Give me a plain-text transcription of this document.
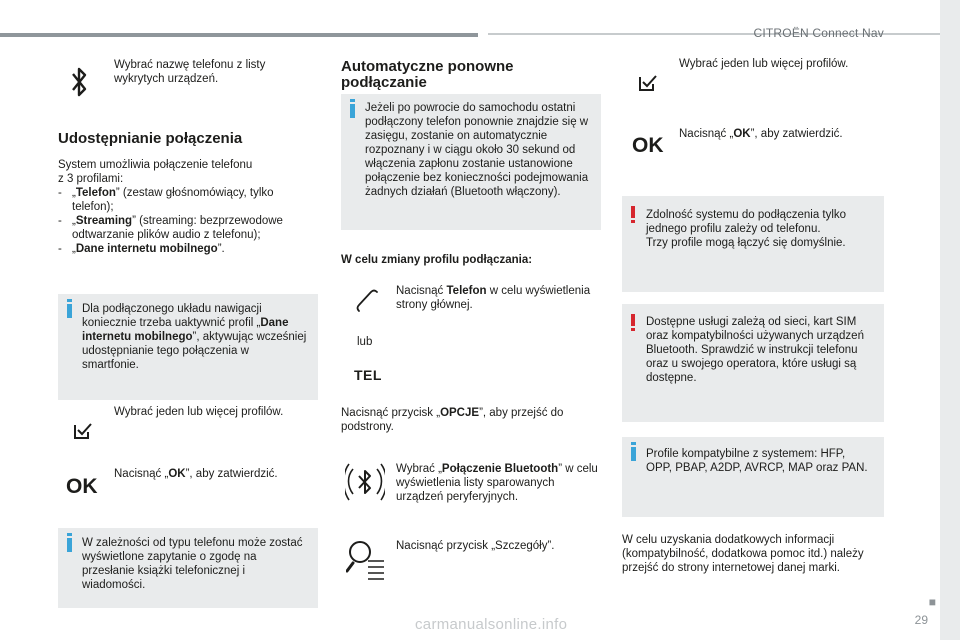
CITROËN Connect Nav
Wybrać nazwę telefonu z listy wykrytych urządzeń.
Udostępnianie połączenia
System umożliwia połączenie telefonu z 3 profilami:
- „Telefon” (zestaw głośnomówiący, tylko telefon);
- „Streaming” (streaming: bezprzewodowe odtwarzanie plików audio z telefonu);
- „Dane internetu mobilnego”.
Dla podłączonego układu nawigacji koniecznie trzeba uaktywnić profil „Dane internetu mobilnego”, aktywując wcześniej udostępnianie tego połączenia w smartfonie.
Wybrać jeden lub więcej profilów.
OK
Nacisnąć „OK”, aby zatwierdzić.
W zależności od typu telefonu może zostać wyświetlone zapytanie o zgodę na przesłanie książki telefonicznej i wiadomości.
Automatyczne ponowne
podłączanie
Jeżeli po powrocie do samochodu ostatni podłączony telefon ponownie znajdzie się w zasięgu, zostanie on automatycznie rozpoznany i w ciągu około 30 sekund od włączenia zapłonu zostanie ustanowione połączenie bez konieczności podejmowania żadnych działań (Bluetooth włączony).
W celu zmiany profilu podłączania:
Nacisnąć Telefon w celu wyświetlenia strony głównej.
lub
TEL
Nacisnąć przycisk „OPCJE”, aby przejść do podstrony.
Wybrać „Połączenie Bluetooth” w celu wyświetlenia listy sparowanych urządzeń peryferyjnych.
Nacisnąć przycisk „Szczegóły”.
Wybrać jeden lub więcej profilów.
OK Nacisnąć „OK”, aby zatwierdzić.
Zdolność systemu do podłączenia tylko jednego profilu zależy od telefonu.
Trzy profile mogą łączyć się domyślnie.
Dostępne usługi zależą od sieci, kart SIM oraz kompatybilności używanych urządzeń Bluetooth. Sprawdzić w instrukcji telefonu oraz u swojego operatora, które usługi są dostępne.
Profile kompatybilne z systemem: HFP, OPP, PBAP, A2DP, AVRCP, MAP oraz PAN.
W celu uzyskania dodatkowych informacji (kompatybilność, dodatkowa pomoc itd.) należy przejść do strony internetowej danej marki.
■
29
carmanualsonline.info
